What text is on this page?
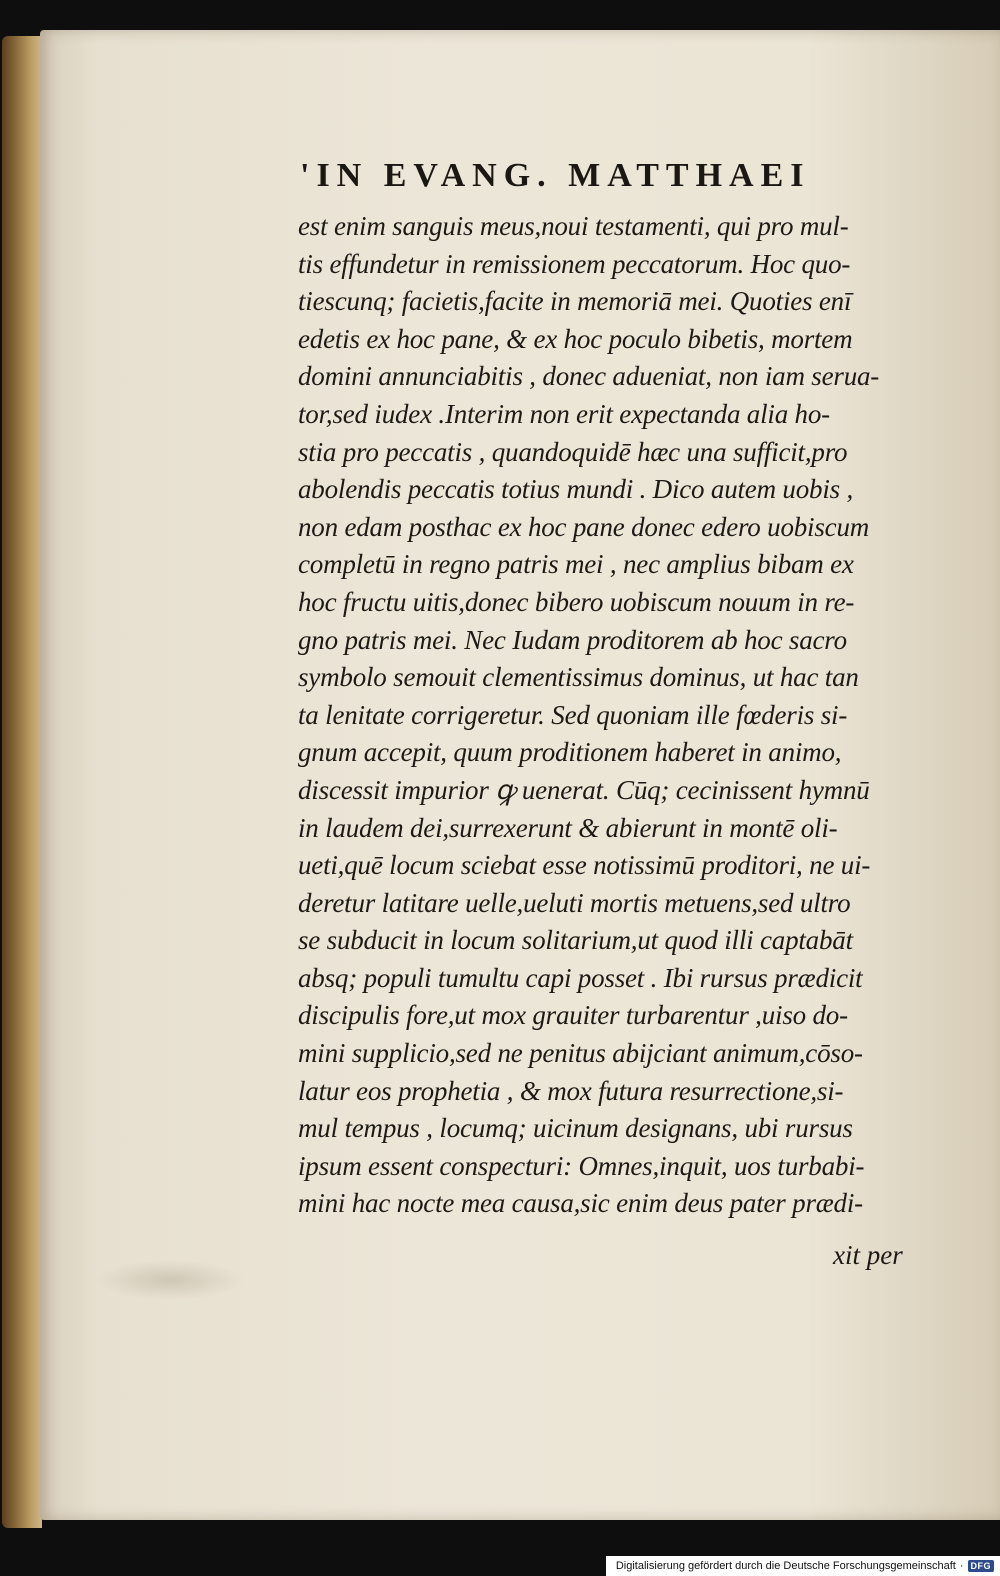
'IN EVANG. MATTHAEI
est enim sanguis meus,noui testamenti, qui pro mul-
tis effundetur in remissionem peccatorum. Hoc quo-
tiescunq; facietis,facite in memoriā mei. Quoties enī
edetis ex hoc pane, & ex hoc poculo bibetis, mortem
domini annunciabitis , donec adueniat, non iam serua-
tor,sed iudex .Interim non erit expectanda alia ho-
stia pro peccatis , quandoquidē hæc una sufficit,pro
abolendis peccatis totius mundi . Dico autem uobis ,
non edam posthac ex hoc pane donec edero uobiscum
completū in regno patris mei , nec amplius bibam ex
hoc fructu uitis,donec bibero uobiscum nouum in re-
gno patris mei. Nec Iudam proditorem ab hoc sacro
symbolo semouit clementissimus dominus, ut hac tan
ta lenitate corrigeretur. Sed quoniam ille fœderis si-
gnum accepit, quum proditionem haberet in animo,
discessit impurior ꝙ uenerat. Cūq; cecinissent hymnū
in laudem dei,surrexerunt & abierunt in montē oli-
ueti,quē locum sciebat esse notissimū proditori, ne ui-
deretur latitare uelle,ueluti mortis metuens,sed ultro
se subducit in locum solitarium,ut quod illi captabāt
absq; populi tumultu capi posset . Ibi rursus prædicit
discipulis fore,ut mox grauiter turbarentur ,uiso do-
mini supplicio,sed ne penitus abijciant animum,cōso-
latur eos prophetia , & mox futura resurrectione,si-
mul tempus , locumq; uicinum designans, ubi rursus
ipsum essent conspecturi: Omnes,inquit, uos turbabi-
mini hac nocte mea causa,sic enim deus pater prædi-
xit per
Digitalisierung gefördert durch die Deutsche Forschungsgemeinschaft · DFG
